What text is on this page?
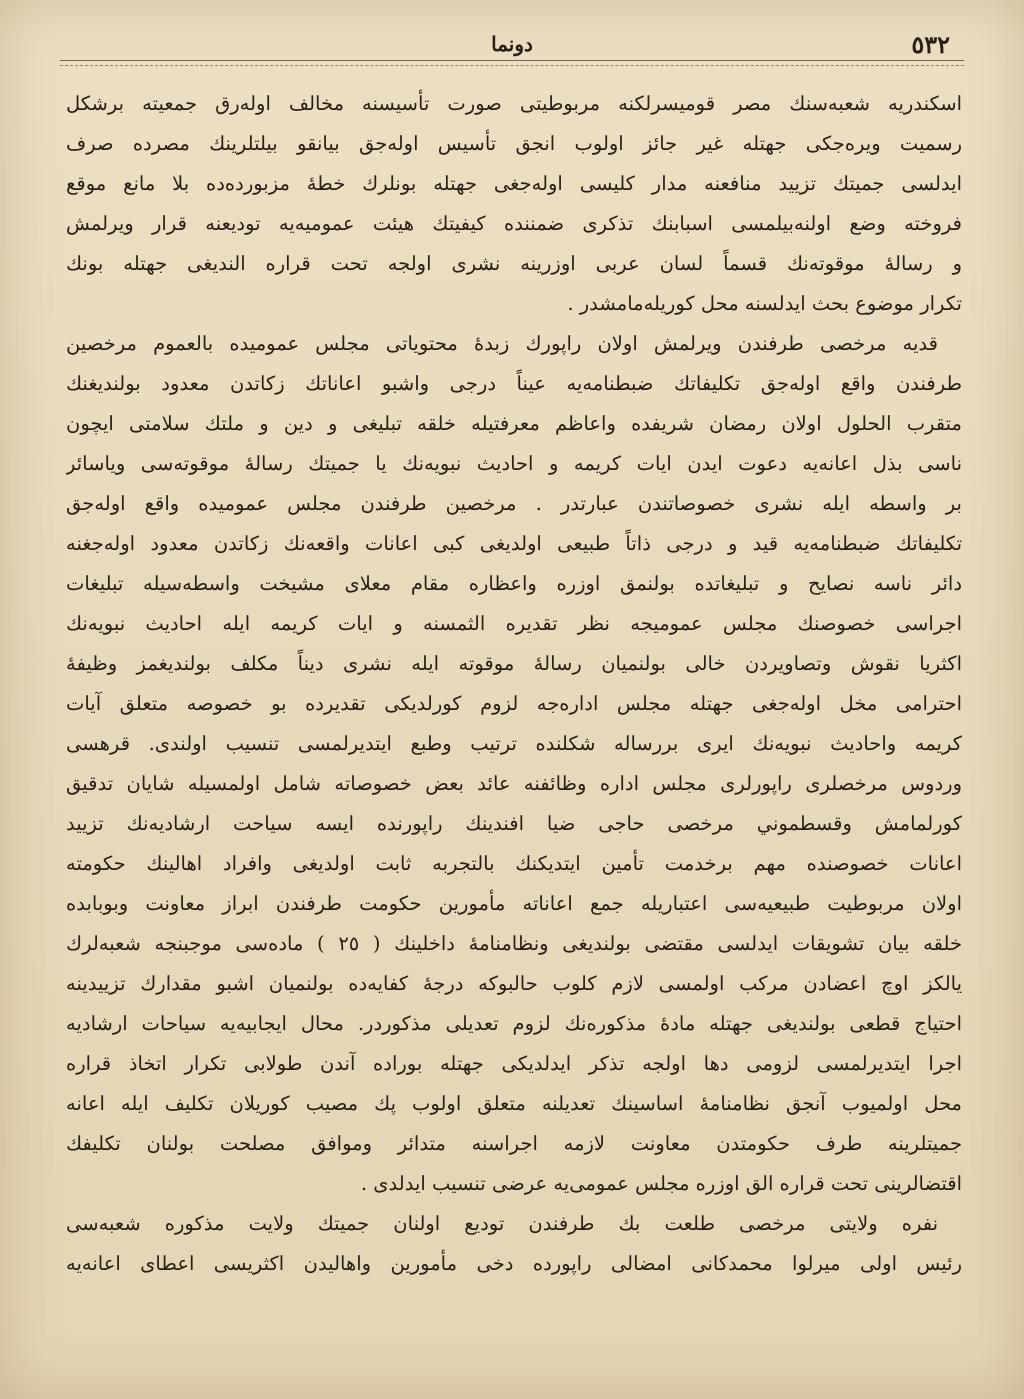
٥٣٢
دونما
اسکندریه شعبه‌سنك مصر قومیسرلکنه مربوطیتی صورت تأسیسنه مخالف اوله‌رق جمعیته برشکل
رسمیت ویره‌جکی جهتله غیر جائز اولوب انجق تأسیس اوله‌جق بیانقو بیلتلرینك مصرده صرف
ایدلسی جمیتك تزیید منافعنه مدار کلیسی اوله‌جغی جهتله بونلرك خطهٔ مزبورده‌ده بلا مانع موقع
فروخته وضع اولنه‌بیلمسی اسبابنك تذکری ضمننده کیفیتك هیئت عمومیه‌یه تودیعنه قرار ویرلمش
و رسالهٔ موقوته‌نك قسماً لسان عربی اوزرینه نشری اولجه تحت قراره الندیغی جهتله بونك
تکرار موضوع بحث ایدلسنه محل کوریله‌مامشدر .
قدیه مرخصی طرفندن ویرلمش اولان راپورك زبدهٔ محتویاتی مجلس عمومیده بالعموم مرخصین
طرفندن واقع اوله‌جق تکلیفاتك ضبطنامه‌یه عیناً درجی واشبو اعاناتك زکاتدن معدود بولندیغنك
متقرب الحلول اولان رمضان شریفده واعاظم معرفتیله خلقه تبلیغی و دین و ملتك سلامتی ایچون
ناسی بذل اعانه‌یه دعوت ایدن ایات کریمه و احادیث نبویه‌نك یا جمیتك رسالهٔ موقوته‌سی ویاسائر
بر واسطه ایله نشری خصوصاتندن عبارتدر . مرخصین طرفندن مجلس عمومیده واقع اوله‌جق
تکلیفاتك ضبطنامه‌یه قید و درجی ذاتاً طبیعی اولدیغی کبی اعانات واقعه‌نك زکاتدن معدود اوله‌جغنه
دائر ناسه نصایح و تبلیغاتده بولنمق اوزره واعظاره مقام معلای مشیخت واسطه‌سیله تبلیغات
اجراسی خصوصنك مجلس عمومیجه نظر تقدیره الثمسنه و ایات کریمه ایله احادیث نبویه‌نك
اکثریا نقوش وتصاویردن خالی بولنمیان رسالهٔ موقوته ایله نشری دیناً مکلف بولندیغمز وظیفهٔ
احترامی مخل اوله‌جغی جهتله مجلس اداره‌جه لزوم کورلدیکی تقدیرده بو خصوصه متعلق آیات
کریمه واحادیث نبویه‌نك ایری بررساله شکلنده ترتیب وطبع ایتدیرلمسی تنسیب اولندی. قرهسی
وردوس مرخصلری راپورلری مجلس اداره وظائفنه عائد بعض خصوصاته شامل اولمسیله شایان تدقیق
کورلمامش وقسطموني مرخصی حاجی ضیا افندینك راپورنده ایسه سیاحت ارشادیه‌نك تزیید
اعانات خصوصنده مهم برخدمت تأمین ایتدیکنك بالتجربه ثابت اولدیغی وافراد اهالینك حکومته
اولان مربوطیت طبیعیه‌سی اعتباریله جمع اعاناته مأمورین حکومت طرفندن ابراز معاونت وبوبابده
خلقه بیان تشویقات ایدلسی مقتضی بولندیغی ونظامنامهٔ داخلینك ( ٢٥ ) ماده‌سی موجبنجه شعبه‌لرك
یالکز اوچ اعضادن مرکب اولمسی لازم کلوب حالبوکه درجهٔ کفایه‌ده بولنمیان اشبو مقدارك تزییدینه
احتیاج قطعی بولندیغی جهتله مادهٔ مذکوره‌نك لزوم تعدیلی مذکوردر. محال ایجابیه‌یه سیاحات ارشادیه
اجرا ایتدیرلمسی لزومی دها اولجه تذکر ایدلدیکی جهتله بوراده آندن طولابی تکرار اتخاذ قراره
محل اولمیوب آنجق نظامنامهٔ اساسینك تعدیلنه متعلق اولوب پك مصیب کوریلان تکلیف ایله اعانه
جمیتلرینه طرف حکومتدن معاونت لازمه اجراسنه متدائر وموافق مصلحت بولنان تکلیفك
اقتضالرینی تحت قراره الق اوزره مجلس عمومی‌یه عرضی تنسیب ایدلدی .
نفره ولایتی مرخصی طلعت بك طرفندن تودیع اولنان جمیتك ولایت مذکوره شعبه‌سی
رئیس اولی میرلوا محمدکانی امضالی راپورده دخی مأمورین واهالیدن اکثریسی اعطای اعانه‌یه
